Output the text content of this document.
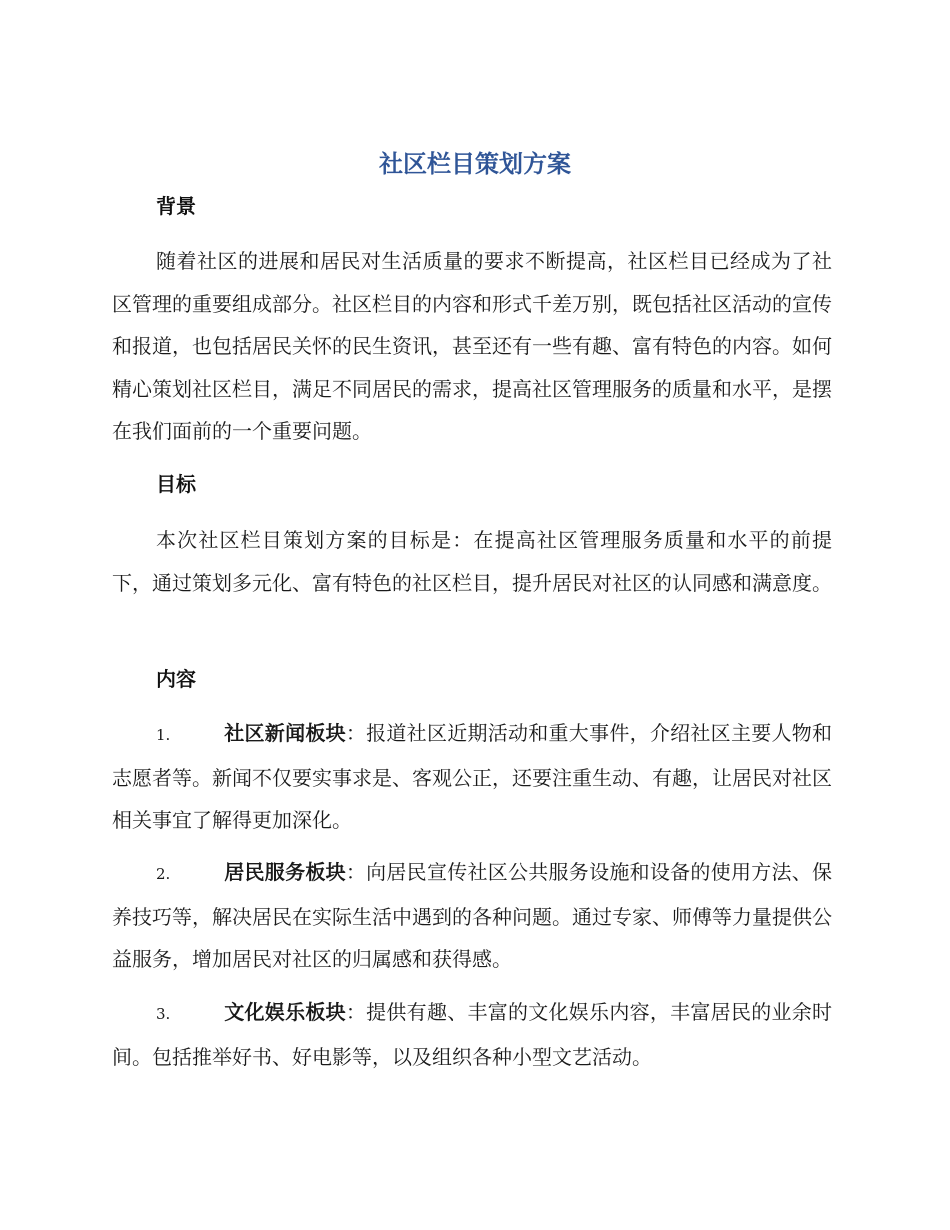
社区栏目策划方案
背景
随着社区的进展和居民对生活质量的要求不断提高，社区栏目已经成为了社区管理的重要组成部分。社区栏目的内容和形式千差万别，既包括社区活动的宣传和报道，也包括居民关怀的民生资讯，甚至还有一些有趣、富有特色的内容。如何精心策划社区栏目，满足不同居民的需求，提高社区管理服务的质量和水平，是摆在我们面前的一个重要问题。
目标
本次社区栏目策划方案的目标是：在提高社区管理服务质量和水平的前提下，通过策划多元化、富有特色的社区栏目，提升居民对社区的认同感和满意度。
内容
1.	社区新闻板块：报道社区近期活动和重大事件，介绍社区主要人物和志愿者等。新闻不仅要实事求是、客观公正，还要注重生动、有趣，让居民对社区相关事宜了解得更加深化。
2.	居民服务板块：向居民宣传社区公共服务设施和设备的使用方法、保养技巧等，解决居民在实际生活中遇到的各种问题。通过专家、师傅等力量提供公益服务，增加居民对社区的归属感和获得感。
3.	文化娱乐板块：提供有趣、丰富的文化娱乐内容，丰富居民的业余时间。包括推举好书、好电影等，以及组织各种小型文艺活动。
